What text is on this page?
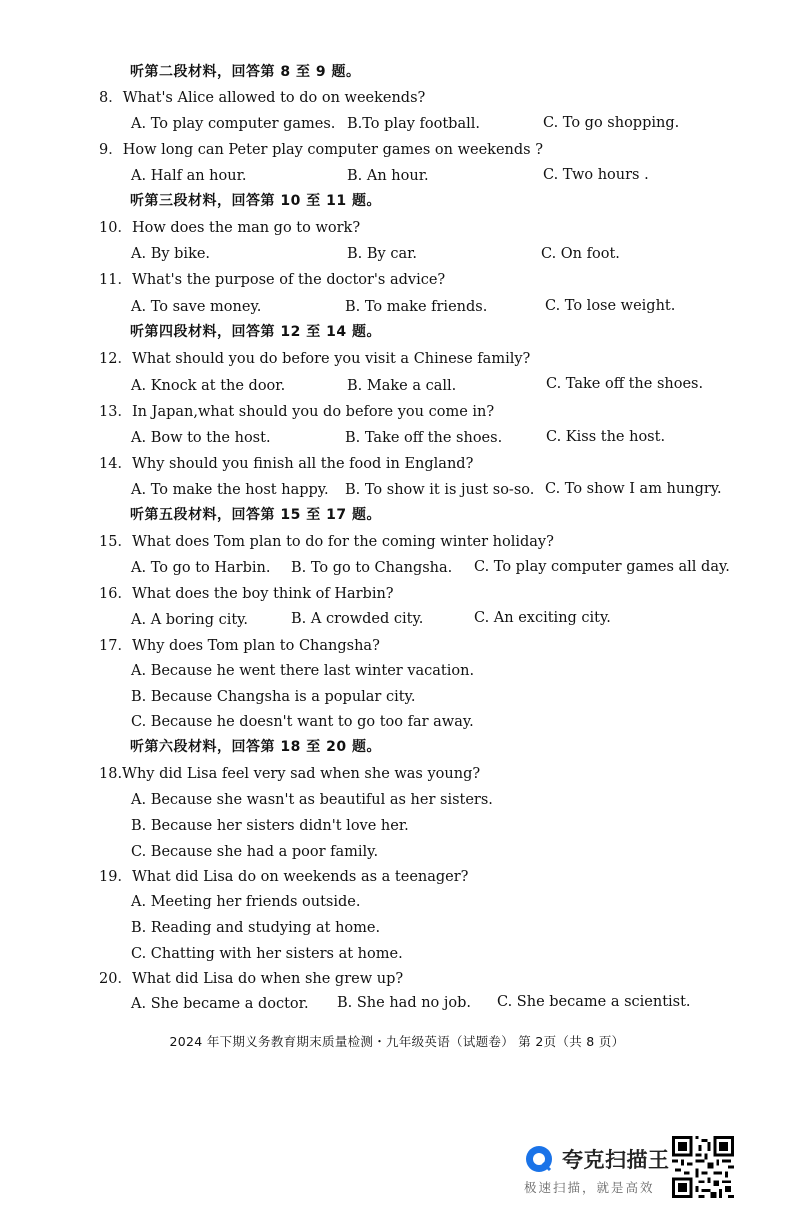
听第二段材料，回答第 8 至 9 题。
8．What's Alice allowed to do on weekends?
A. To play computer games. B.To play football.	C. To go shopping.
9．How long can Peter play computer games on weekends ?
A. Half an hour.	B. An hour.	C. Two hours .
听第三段材料，回答第 10 至 11 题。
10．How does the man go to work?
A. By bike.	B. By car.	C. On foot.
11．What's the purpose of the doctor's advice?
A. To save money.	B. To make friends.	C. To lose weight.
听第四段材料，回答第 12 至 14 题。
12．What should you do before you visit a Chinese family?
A. Knock at the door.	B. Make a call.	C. Take off the shoes.
13．In Japan,what should you do before you come in?
A. Bow to the host.	B. Take off the shoes.	C. Kiss the host.
14．Why should you finish all the food in England?
A. To make the host happy. B. To show it is just so-so. C. To show I am hungry.
听第五段材料，回答第 15 至 17 题。
15．What does Tom plan to do for the coming winter holiday?
A. To go to Harbin. B. To go to Changsha. C. To play computer games all day.
16．What does the boy think of Harbin?
A. A boring city.	B. A crowded city.	C. An exciting city.
17．Why does Tom plan to Changsha?
A. Because he went there last winter vacation.
B. Because Changsha is a popular city.
C. Because he doesn't want to go too far away.
听第六段材料，回答第 18 至 20 题。
18.Why did Lisa feel very sad when she was young?
A. Because she wasn't as beautiful as her sisters.
B. Because her sisters didn't love her.
C. Because she had a poor family.
19．What did Lisa do on weekends as a teenager?
A. Meeting her friends outside.
B. Reading and studying at home.
C. Chatting with her sisters at home.
20．What did Lisa do when she grew up?
A. She became a doctor. B. She had no job. C. She became a scientist.
2024 年下期义务教育期末质量检测・九年级英语（试题卷） 第 2页（共 8 页）
夸克扫描王
极速扫描，就是高效
